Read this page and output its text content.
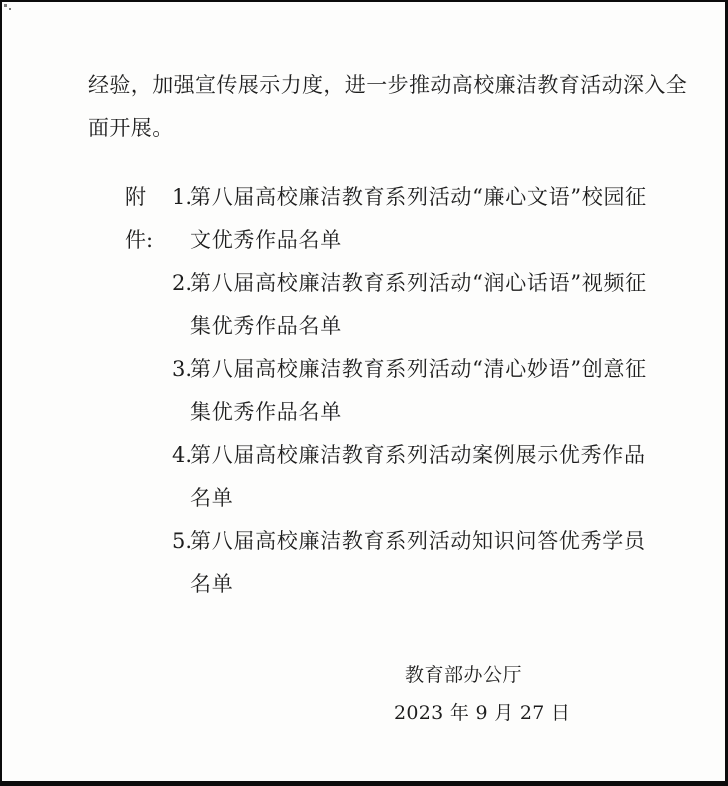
经验，加强宣传展示力度，进一步推动高校廉洁教育活动深入全
面开展。
附件:
1.
第八届高校廉洁教育系列活动“廉心文语”校园征
文优秀作品名单
2.
第八届高校廉洁教育系列活动“润心话语”视频征
集优秀作品名单
3.
第八届高校廉洁教育系列活动“清心妙语”创意征
集优秀作品名单
4.
第八届高校廉洁教育系列活动案例展示优秀作品
名单
5.
第八届高校廉洁教育系列活动知识问答优秀学员
名单
教育部办公厅
2023 年 9 月 27 日
